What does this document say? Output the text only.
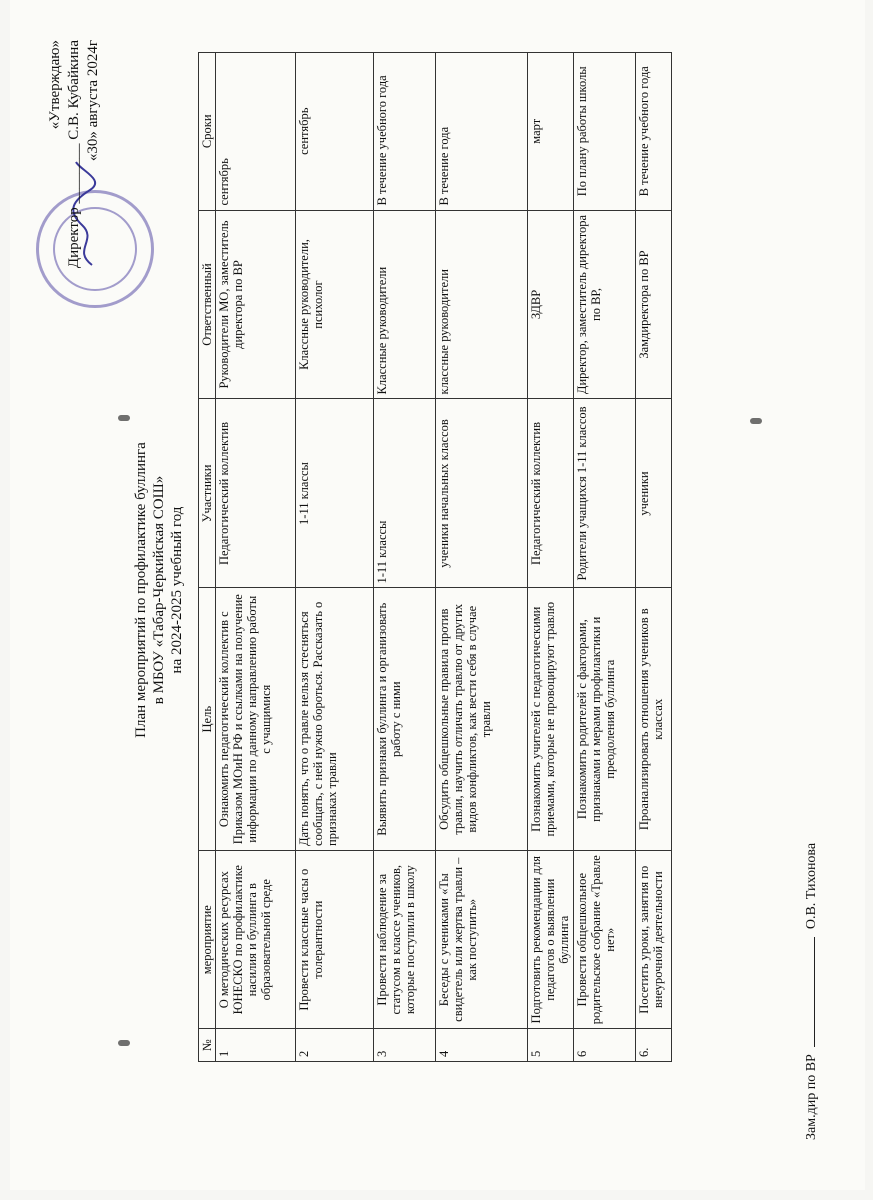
«Утверждаю» Директор ________ С.В. Кубайкина «30» августа 2024г
План мероприятий по профилактике буллинга в МБОУ «Табар-Черкийская СОШ» на 2024-2025 учебный год
№	мероприятие	Цель	Участники	Ответственный	Сроки
1	О методических ресурсах ЮНЕСКО по профилактике насилия и буллинга в образовательной среде	Ознакомить педагогический коллектив с Приказом МОиН РФ и ссылками на получение информации по данному направлению работы с учащимися	Педагогический коллектив	Руководители МО, заместитель директора по ВР	сентябрь
2	Провести классные часы о толерантности	Дать понять, что о травле нельзя стесняться сообщать, с ней нужно бороться. Рассказать о признаках травли	1-11 классы	Классные руководители, психолог	сентябрь
3	Провести наблюдение за статусом в классе учеников, которые поступили в школу	Выявить признаки буллинга и организовать работу с ними	1-11 классы	Классные руководители	В течение учебного года
4	Беседы с учениками «Ты свидетель или жертва травли – как поступить»	Обсудить общешкольные правила против травли, научить отличать травлю от других видов конфликтов, как вести себя в случае травли	ученики начальных классов	классные руководители	В течение года
5	Подготовить рекомендации для педагогов о выявлении буллинга	Познакомить учителей с педагогическими приемами, которые не провоцируют травлю	Педагогический коллектив	ЗДВР	март
6	Провести общешкольное родительское собрание «Травле нет»	Познакомить родителей с факторами, признаками и мерами профилактики и преодоления буллинга	Родители учащихся 1-11 классов	Директор, заместитель директора по ВР,	По плану работы школы
6.	Посетить уроки, занятия по внеурочной деятельности	Проанализировать отношения учеников в классах	ученики	Замдиректора по ВР	В течение учебного года
Зам.дир по ВР  О.В. Тихонова
